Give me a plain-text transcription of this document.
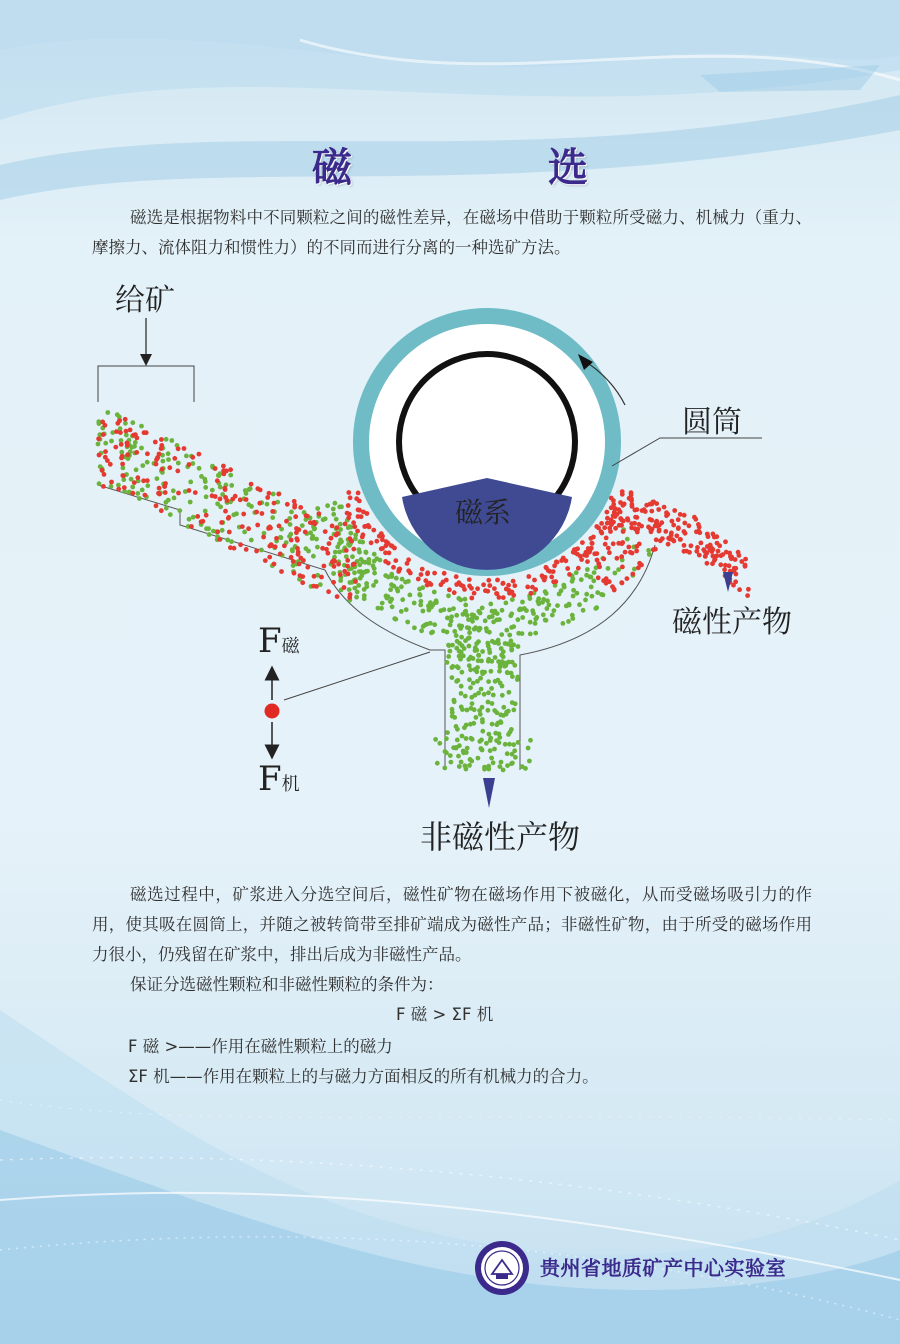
磁　选

磁选是根据物料中不同颗粒之间的磁性差异，在磁场中借助于颗粒所受磁力、机械力（重力、摩擦力、流体阻力和惯性力）的不同而进行分离的一种选矿方法。

给矿
磁系
圆筒
磁性产物
非磁性产物
F磁
F机

磁选过程中，矿浆进入分选空间后，磁性矿物在磁场作用下被磁化，从而受磁场吸引力的作用，使其吸在圆筒上，并随之被转筒带至排矿端成为磁性产品；非磁性矿物，由于所受的磁场作用力很小，仍残留在矿浆中，排出后成为非磁性产品。

保证分选磁性颗粒和非磁性颗粒的条件为：
F 磁 > ΣF 机
F 磁 >——作用在磁性颗粒上的磁力
ΣF 机——作用在颗粒上的与磁力方面相反的所有机械力的合力。
贵州省地质矿产中心实验室
